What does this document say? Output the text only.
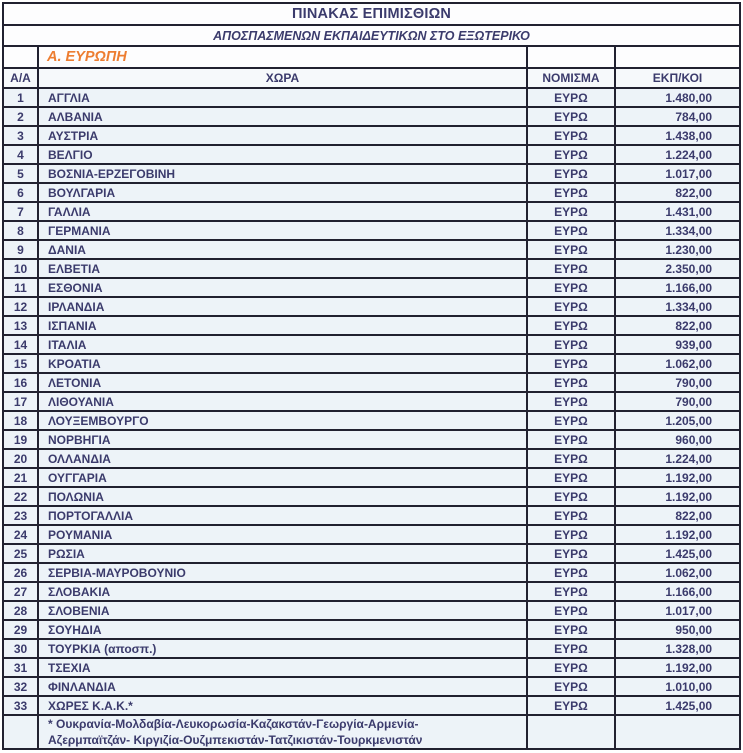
ΠΙΝΑΚΑΣ ΕΠΙΜΙΣΘΙΩΝ			
ΑΠΟΣΠΑΣΜΕΝΩΝ ΕΚΠΑΙΔΕΥΤΙΚΩΝ ΣΤΟ ΕΞΩΤΕΡΙΚΟ			
	Α. ΕΥΡΩΠΗ		
Α/Α	ΧΩΡΑ	ΝΟΜΙΣΜΑ	ΕΚΠ/ΚΟΙ
1	ΑΓΓΛΙΑ	ΕΥΡΩ	1.480,00
2	ΑΛΒΑΝΙΑ	ΕΥΡΩ	784,00
3	ΑΥΣΤΡΙΑ	ΕΥΡΩ	1.438,00
4	ΒΕΛΓΙΟ	ΕΥΡΩ	1.224,00
5	ΒΟΣΝΙΑ-ΕΡΖΕΓΟΒΙΝΗ	ΕΥΡΩ	1.017,00
6	ΒΟΥΛΓΑΡΙΑ	ΕΥΡΩ	822,00
7	ΓΑΛΛΙΑ	ΕΥΡΩ	1.431,00
8	ΓΕΡΜΑΝΙΑ	ΕΥΡΩ	1.334,00
9	ΔΑΝΙΑ	ΕΥΡΩ	1.230,00
10	ΕΛΒΕΤΙΑ	ΕΥΡΩ	2.350,00
11	ΕΣΘΟΝΙΑ	ΕΥΡΩ	1.166,00
12	ΙΡΛΑΝΔΙΑ	ΕΥΡΩ	1.334,00
13	ΙΣΠΑΝΙΑ	ΕΥΡΩ	822,00
14	ΙΤΑΛΙΑ	ΕΥΡΩ	939,00
15	ΚΡΟΑΤΙΑ	ΕΥΡΩ	1.062,00
16	ΛΕΤΟΝΙΑ	ΕΥΡΩ	790,00
17	ΛΙΘΟΥΑΝΙΑ	ΕΥΡΩ	790,00
18	ΛΟΥΞΕΜΒΟΥΡΓΟ	ΕΥΡΩ	1.205,00
19	ΝΟΡΒΗΓΙΑ	ΕΥΡΩ	960,00
20	ΟΛΛΑΝΔΙΑ	ΕΥΡΩ	1.224,00
21	ΟΥΓΓΑΡΙΑ	ΕΥΡΩ	1.192,00
22	ΠΟΛΩΝΙΑ	ΕΥΡΩ	1.192,00
23	ΠΟΡΤΟΓΑΛΛΙΑ	ΕΥΡΩ	822,00
24	ΡΟΥΜΑΝΙΑ	ΕΥΡΩ	1.192,00
25	ΡΩΣΙΑ	ΕΥΡΩ	1.425,00
26	ΣΕΡΒΙΑ-ΜΑΥΡΟΒΟΥΝΙΟ	ΕΥΡΩ	1.062,00
27	ΣΛΟΒΑΚΙΑ	ΕΥΡΩ	1.166,00
28	ΣΛΟΒΕΝΙΑ	ΕΥΡΩ	1.017,00
29	ΣΟΥΗΔΙΑ	ΕΥΡΩ	950,00
30	ΤΟΥΡΚΙΑ (αποσπ.)	ΕΥΡΩ	1.328,00
31	ΤΣΕΧΙΑ	ΕΥΡΩ	1.192,00
32	ΦΙΝΛΑΝΔΙΑ	ΕΥΡΩ	1.010,00
33	ΧΩΡΕΣ Κ.Α.Κ.*	ΕΥΡΩ	1.425,00

	* Ουκρανία-Μολδαβία-Λευκορωσία-Καζακστάν-Γεωργία-Αρμενία-
Αζερμπαϊτζάν- Κιργιζία-Ουζμπεκιστάν-Τατζικιστάν-Τουρκμενιστάν		
